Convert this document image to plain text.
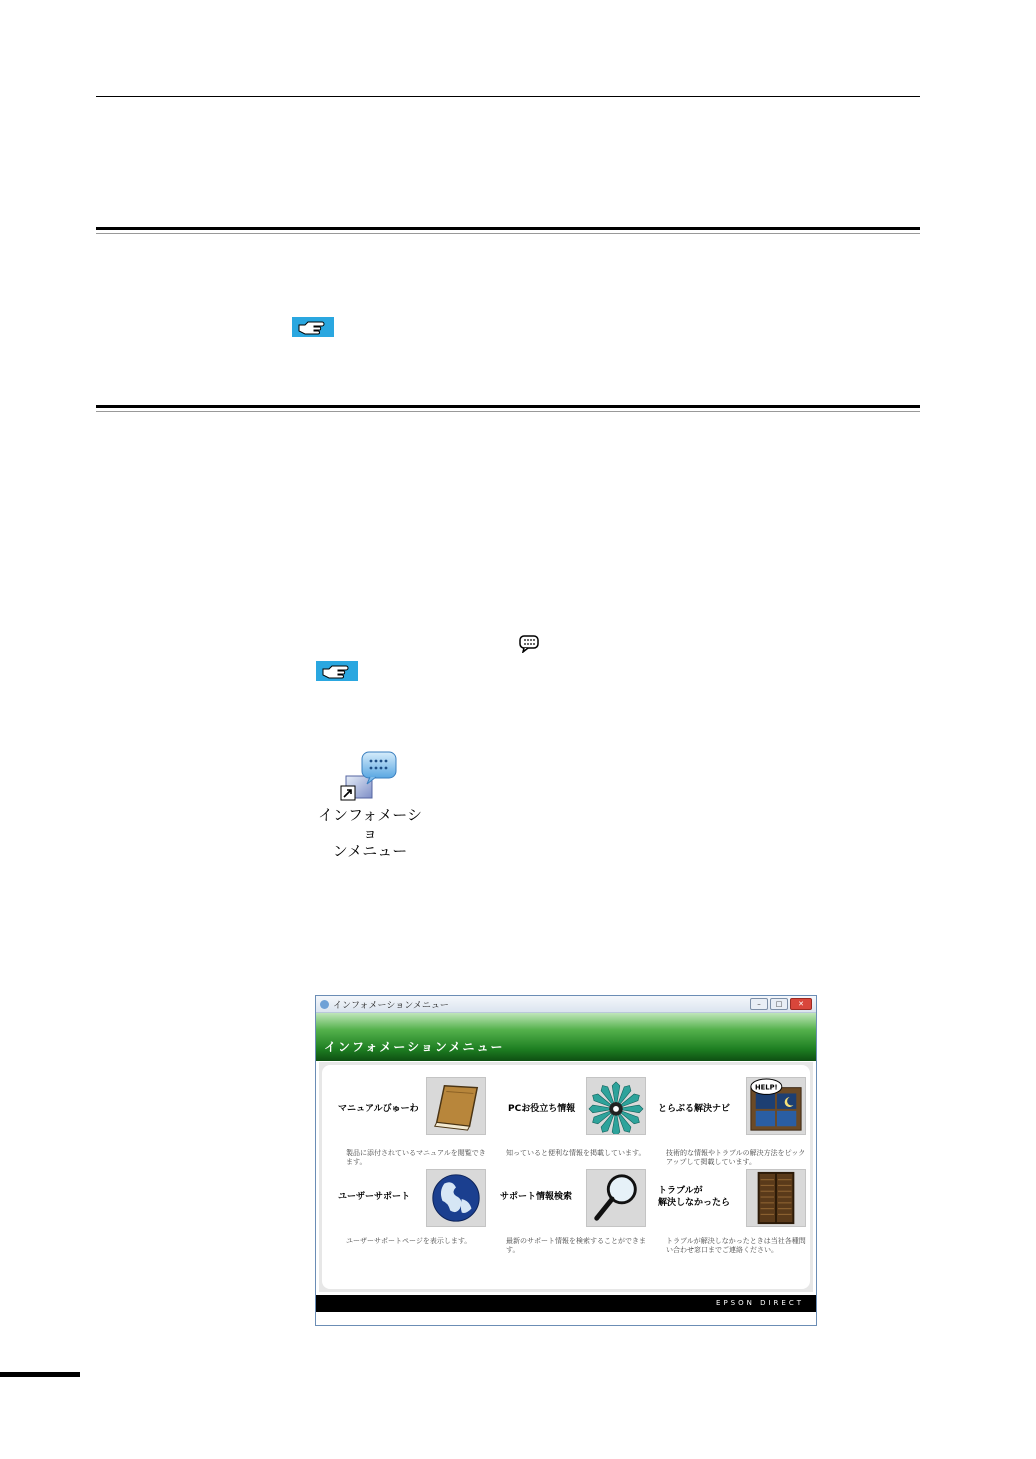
インフォメーショ
ンメニュー
インフォメーションメニュー	–	□	✕
インフォメーションメニュー
マニュアルびゅーわ
製品に添付されているマニュアルを閲覧できます。
PCお役立ち情報
知っていると便利な情報を掲載しています。
とらぶる解決ナビ
HELP!
技術的な情報やトラブルの解決方法をピックアップして掲載しています。
ユーザーサポート
ユーザーサポートページを表示します。
サポート情報検索
最新のサポート情報を検索することができます。
トラブルが
解決しなかったら
トラブルが解決しなかったときは当社各種問い合わせ窓口までご連絡ください。
EPSON DIRECT
